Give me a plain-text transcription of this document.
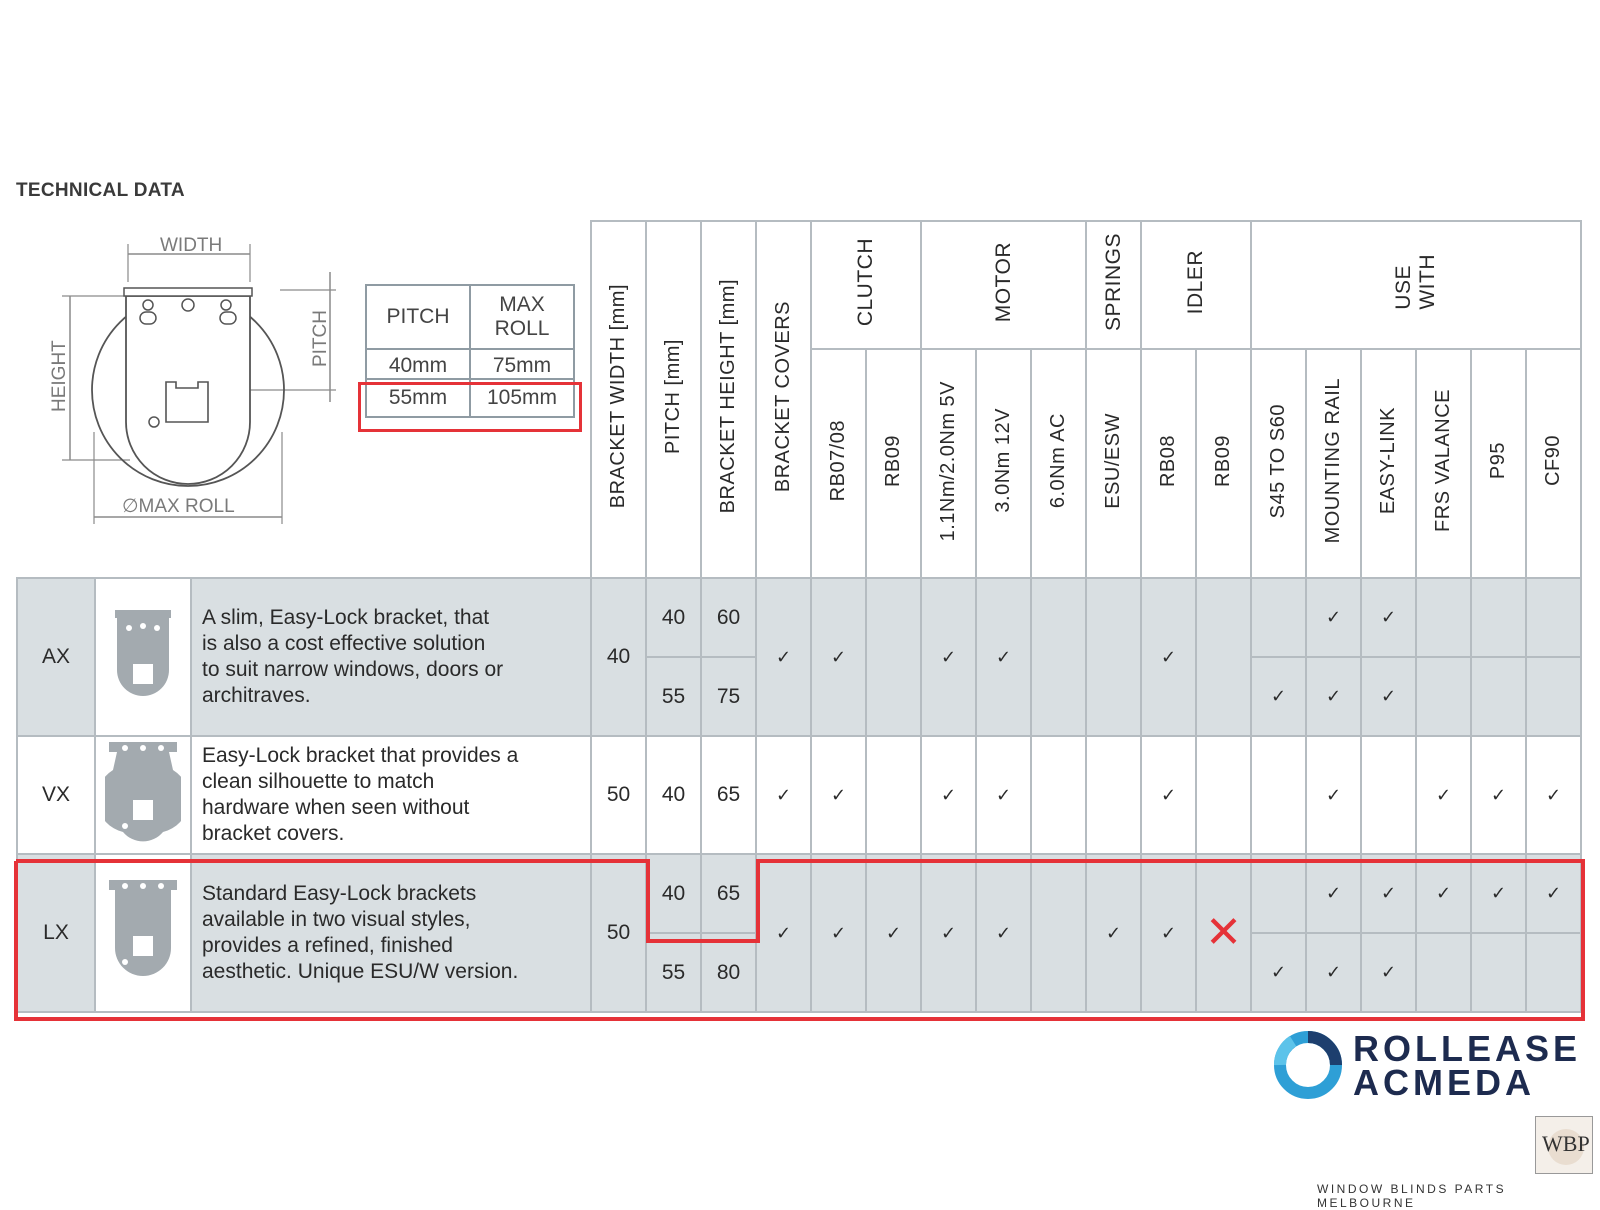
TECHNICAL DATA
WIDTH
HEIGHT
PITCH
∅MAX ROLL
PITCH	MAX
ROLL
40mm	75mm
55mm	105mm
			BRACKET WIDTH [mm]	PITCH [mm]	BRACKET HEIGHT [mm]	BRACKET COVERS	CLUTCH		MOTOR			SPRINGS	IDLER		USEWITH					
							RB07/08	RB09	1.1Nm/2.0Nm 5V	3.0Nm 12V	6.0Nm AC	ESU/ESW	RB08	RB09	S45 TO S60	MOUNTING RAIL	EASY-LINK	FRS VALANCE	P95	CF90
AX		A slim, Easy-Lock bracket, that
is also a cost effective solution
to suit narrow windows, doors or
architraves.	40	40	60	✓	✓		✓	✓			✓			✓	✓			
				55	75										✓	✓	✓			
VX		Easy-Lock bracket that provides a
clean silhouette to match
hardware when seen without
bracket covers.	50	40	65	✓	✓		✓	✓			✓			✓		✓	✓	✓
LX		Standard Easy-Lock brackets
available in two visual styles,
provides a refined, finished
aesthetic. Unique ESU/W version.	50	40	65	✓	✓	✓	✓	✓		✓	✓	✕		✓	✓	✓	✓	✓
				55	80										✓	✓	✓			
ROLLEASE
ACMEDA
WBP
WINDOW BLINDS PARTS MELBOURNE
